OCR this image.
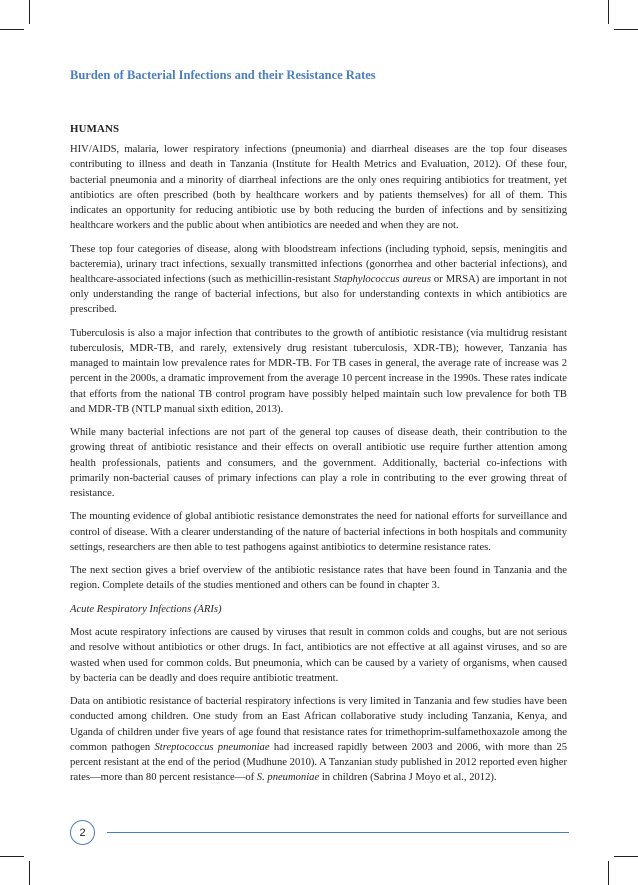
Burden of Bacterial Infections and their Resistance Rates
HUMANS

HIV/AIDS, malaria, lower respiratory infections (pneumonia) and diarrheal diseases are the top four diseases contributing to illness and death in Tanzania (Institute for Health Metrics and Evaluation, 2012). Of these four, bacterial pneumonia and a minority of diarrheal infections are the only ones requiring antibiotics for treatment, yet antibiotics are often prescribed (both by healthcare workers and by patients themselves) for all of them. This indicates an opportunity for reducing antibiotic use by both reducing the burden of infections and by sensitizing healthcare workers and the public about when antibiotics are needed and when they are not.

These top four categories of disease, along with bloodstream infections (including typhoid, sepsis, meningitis and bacteremia), urinary tract infections, sexually transmitted infections (gonorrhea and other bacterial infections), and healthcare-associated infections (such as methicillin-resistant Staphylococcus aureus or MRSA) are important in not only understanding the range of bacterial infections, but also for understanding contexts in which antibiotics are prescribed.

Tuberculosis is also a major infection that contributes to the growth of antibiotic resistance (via multidrug resistant tuberculosis, MDR-TB, and rarely, extensively drug resistant tuberculosis, XDR-TB); however, Tanzania has managed to maintain low prevalence rates for MDR-TB. For TB cases in general, the average rate of increase was 2 percent in the 2000s, a dramatic improvement from the average 10 percent increase in the 1990s. These rates indicate that efforts from the national TB control program have possibly helped maintain such low prevalence for both TB and MDR-TB (NTLP manual sixth edition, 2013).

While many bacterial infections are not part of the general top causes of disease death, their contribution to the growing threat of antibiotic resistance and their effects on overall antibiotic use require further attention among health professionals, patients and consumers, and the government. Additionally, bacterial co-infections with primarily non-bacterial causes of primary infections can play a role in contributing to the ever growing threat of resistance.

The mounting evidence of global antibiotic resistance demonstrates the need for national efforts for surveillance and control of disease. With a clearer understanding of the nature of bacterial infections in both hospitals and community settings, researchers are then able to test pathogens against antibiotics to determine resistance rates.

The next section gives a brief overview of the antibiotic resistance rates that have been found in Tanzania and the region. Complete details of the studies mentioned and others can be found in chapter 3.

Acute Respiratory Infections (ARIs)

Most acute respiratory infections are caused by viruses that result in common colds and coughs, but are not serious and resolve without antibiotics or other drugs. In fact, antibiotics are not effective at all against viruses, and so are wasted when used for common colds. But pneumonia, which can be caused by a variety of organisms, when caused by bacteria can be deadly and does require antibiotic treatment.

Data on antibiotic resistance of bacterial respiratory infections is very limited in Tanzania and few studies have been conducted among children. One study from an East African collaborative study including Tanzania, Kenya, and Uganda of children under five years of age found that resistance rates for trimethoprim-sulfamethoxazole among the common pathogen Streptococcus pneumoniae had increased rapidly between 2003 and 2006, with more than 25 percent resistant at the end of the period (Mudhune 2010). A Tanzanian study published in 2012 reported even higher rates—more than 80 percent resistance—of S. pneumoniae in children (Sabrina J Moyo et al., 2012).

2
